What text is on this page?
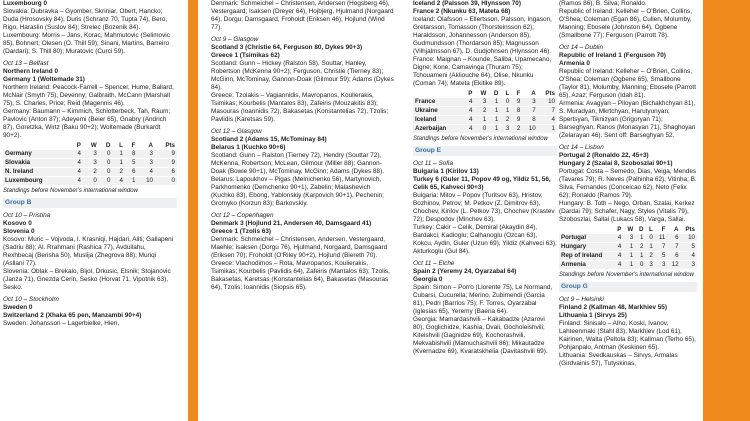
Luxembourg 0

Slovakia: Dubravka – Gyomber, Skriniar, Obert, Hancko; Duda (Hrosovsky 84); Duris (Schranz 70, Tupta 74), Bero, Rigo, Haraslin (Suslov 84); Strelec (Bozenik 84).

Luxembourg: Morris – Jans, Korac, Mahmutovic (Selimovic 85), Bohnert; Olesen (O. Thill 59); Sinani, Martins, Barreiro (Dardari); S. Thill 80); Muratovic (Curci 59).

Oct 13 – Belfast

Northern Ireland 0

Germany 1 (Woltemade 31)

Northern Ireland: Peacock-Farrell – Spencer, Hume, Ballard, McNair (Smyth 75), Devenny; Galbraith, McCann (Marshall 75), S. Charles, Price; Reid (Magennis 46).

Germany: Baumann – Kimmich, Schlotterbeck, Tah, Raum; Pavlovic (Anton 87); Adeyemi (Beier 65), Gnabry (Andrich 87), Goretzka, Wirtz (Baku 90+2); Woltemade (Burkardt 90+2).

	P	W	D	L	F	A	Pts
Germany	4	3	0	1	8	3	9
Slovakia	4	3	0	1	5	3	9
N. Ireland	4	2	0	2	6	4	6
Luxembourg	4	0	0	4	1	10	0

Standings before November's international window

Group B

Oct 10 – Pristina

Kosovo 0

Slovenia 0

Kosovo: Muric – Vojvoda, I. Krasniqi, Hajdari, Aliti; Gallapeni (Sadriu 88); Al. Rrahmani (Rashica 77), Avdullahu, Rexhbecaj (Berisha 50), Muslija (Zhegrova 88); Muriqi (Asllani 77).

Slovenia: Oblak – Brekalo, Bijol, Drkusic, Elsnik; Stojanovic (Janza 71), Gnezda Cerin, Sesko (Horvat 71, Vipotnik 63), Sesko.

Oct 10 – Stockholm

Sweden 0

Switzerland 2 (Xhaka 65 pen, Manzambi 90+4)

Sweden: Johansson – Lagerbielke, Hien,

Denmark: Schmeichel – Christensen, Andersen (Hogsberg 46), Vestergaard; Isaksen (Dreyer 64), Hojbjerg, Hjulmand (Norgaard 64), Dorgu; Damsgaard, Froholdt (Eriksen 46); Hojlund (Wind 77).

Oct 9 – Glasgow

Scotland 3 (Christie 64, Ferguson 80, Dykes 90+3)

Greece 1 (Tsimikas 62)

Scotland: Gunn – Hickey (Ralston 58), Souttar, Hanley, Robertson (McKenna 90+2); Ferguson, Christie (Tierney 83); McGinn, McTominay, Gannon-Doak (Gilmour 59); Adams (Dykes 84).

Greece: Tzolakis – Vagiannidis, Mavropanos, Koulierakis, Tsimikas; Kourbelis (Mantalos 83), Zafeiris (Mouzakitis 83); Masouras (Ioannidis 72), Bakasetas (Konstantelias 72), Tzolis; Pavlidis (Karetsas 59).

Oct 12 – Glasgow

Scotland 2 (Adams 15, McTominay 84)

Belarus 1 (Kuchko 90+6)

Scotland: Gunn – Ralston (Tierney 72), Hendry (Souttar 72), McKenna, Robertson; McLean, Gilmour (Miller 88); Gannon-Doak (Bowie 90+1), McTominay, McGinn; Adams (Dykes 88).

Belarus: Lapoukhov – Pigas (Melnichenko 56), Martynovich, Parkhomenko (Demchenko 90+1), Zabelin; Malashevich (Kuchko 83), Ebong, Yablonskiy (Karpovich 90+1), Pechenin; Gromyko (Korzun 83); Barkovskiy.

Oct 12 – Copenhagen

Denmark 3 (Hojlund 21, Andersen 40, Damsgaard 41)

Greece 1 (Tzolis 63)

Denmark: Schmeichel – Christensen, Andersen, Vestergaard, Maehle; Isaksen (Dorgu 76), Hjulmand, Norgaard, Damsgaard (Eriksen 70); Froholdt (O'Riley 90+2), Hojlund (Biereth 70).

Greece: Vlachodimos – Rota, Mavropanos, Koulierakis, Tsimikas; Kourbelis (Pavlidis 64), Zafeiris (Mantalos 63); Tzolis, Bakasetas, Karetsas (Konstantelias 64), Bakasetas (Masouras 64), Tzolis; Ioannidis (Siopsis 65).

Iceland 2 (Palsson 39, Hlynsson 70)

France 2 (Nkunku 63, Mateta 68)

Iceland: Olafsson – Ellertsson, Palsson, Ingason, Gretarsson, Tomasson (Thorsteinsson 62); Haraldsson, Johannesson (Anderson 85), Gudmundsson (Thordarson 85); Magnusson (Vilhjalmsson 67), D. Gudjohnsen (Hlynsson 46).

France: Maignan – Kounde, Saliba, Upamecano, Digne; Kone, Camavinga (Thuram 75); Tchouameni (Akliouche 64), Olise, Nkunku (Coman 74); Mateta (Ekitike 89).

	P	W	D	L	F	A	Pts
France	4	3	1	0	9	3	10
Ukraine	4	2	1	1	8	7	7
Iceland	4	1	1	2	9	8	4
Azerbaijan	4	0	1	3	2	10	1

Standings before November's international window

Group E

Oct 11 – Sofia

Bulgaria 1 (Kirilov 13)

Turkey 6 (Guler 11, Popov 49 og, Yildiz 51, 56, Celik 65, Kahveci 90+3)

Bulgaria: Mitov – Popov (Turitsov 63), Hristov, Bozhinov, Petrov; M. Petkov (Z. Dimitrov 63), Chochev, Kirilov (L. Petkov 73), Chochev (Krastev 72); Despodov (Minchev 63).

Turkey: Cakir – Celik, Demiral (Akaydin 84), Bardakci, Kadioglu; Calhanoglu (Ozcan 63), Kokcu, Aydin, Guler (Uzun 69), Yildiz (Kahveci 63); Akturkoglu (Gul 84).

Oct 11 – Elche

Spain 2 (Yeremy 24, Oyarzabal 64)

Georgia 0

Spain: Simon – Porro (Llorente 75), Le Normand, Cubarsi, Cucurella; Merino, Zubimendi (Garcia 81), Pedri (Barrios 75); F. Torres, Oyarzabal (Iglesias 65), Yeremy (Baena 64).

Georgia: Mamardashvili – Kakabadze (Azarovi 80), Goglichidze, Kashia, Dvali, Gocholeishvili; Kiteishvili (Gagnidze 69), Kochorashvili, Mekvabishvili (Mamuchashvili 86); Mikautadze (Kvernadze 69), Kvaratskhelia (Davitashvili 69).

(Ramos 86), B. Silva; Ronaldo.

Republic of Ireland: Kelleher – O'Brien, Collins, O'Shea; Coleman (Egan 86), Cullen, Molumby, Manning; Ebosele (Johnston 64), Ogbene (Smallbone 77); Ferguson (Parrott 78).

Oct 14 – Dublin

Republic of Ireland 1 (Ferguson 70)

Armenia 0

Republic of Ireland: Kelleher – O'Brien, Collins, O'Shea; Coleman (Ogbene 65), Smallbone (Taylor 81), Molumby, Manning; Ebosele (Parrott 65), Azaz; Ferguson (Idah 81).

Armenia: Avagyan – Piloyan (Bichakhchyan 81), S. Muradyan, Mkrtchyan, Harutyunyan; Spertsyan, Tiknizyan (Grigoryan 71); Barseghyan, Ranos (Monasyan 71), Shaghoyan (Zelarayan 46). Sent off: Barseghyan 52.

Oct 14 – Lisbon

Portugal 2 (Ronaldo 22, 45+3)

Hungary 2 (Szalai 8, Szoboszlai 90+1)

Portugal: Costa – Semedo, Dias, Veiga, Mendes (Tavares 79); R. Neves (Palhinha 62), Vitinha; B. Silva, Fernandes (Conceicao 62), Neto (Felix 62); Ronaldo (Ramos 79).

Hungary: B. Toth – Nego, Orban, Szalai, Kerkez (Dardai 79); Schafer, Nagy, Styles (Vitalis 79), Szoboszlai, Sallai (Lukacs 58), Varga, Sallai.

	P	W	D	L	F	A	Pts
Portugal	4	3	1	0	11	6	10
Hungary	4	1	2	1	7	7	5
Rep of Ireland	4	1	1	2	5	6	4
Armenia	4	1	0	3	3	12	3

Standings before November's international window

Group G

Oct 9 – Helsinki

Finland 2 (Kallman 48, Markhiev 55)

Lithuania 1 (Sirvys 25)

Finland: Sinisalo – Alho, Koski, Ivanov, Lahteenmaki (Stahl 83); Markhiev (Lod 61), Kairinen, Walta (Peltola 83); Kallman (Terho 65), Pohjanpalo, Antman (Keskinen 65).

Lithuania: Svedkauskas – Sirvys, Armalas (Girdvainis 57), Tutyskinas,
